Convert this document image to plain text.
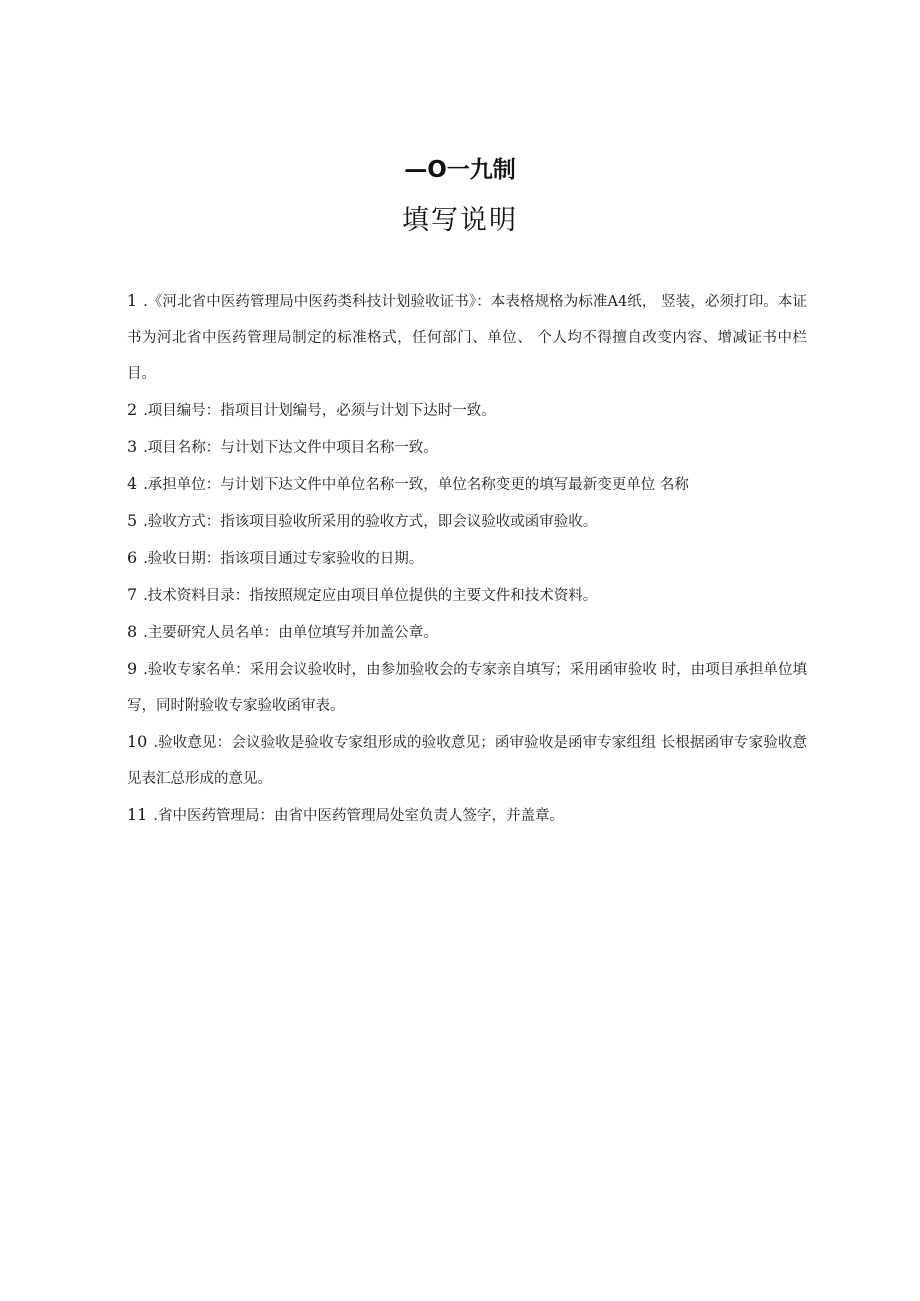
—O一九制
填写说明
1 .《河北省中医药管理局中医药类科技计划验收证书》：本表格规格为标准A4纸， 竖装，必须打印。本证书为河北省中医药管理局制定的标准格式，任何部门、单位、 个人均不得擅自改变内容、增减证书中栏目。
2 .项目编号：指项目计划编号，必须与计划下达时一致。
3 .项目名称：与计划下达文件中项目名称一致。
4 .承担单位：与计划下达文件中单位名称一致，单位名称变更的填写最新变更单位 名称
5 .验收方式：指该项目验收所采用的验收方式，即会议验收或函审验收。
6 .验收日期：指该项目通过专家验收的日期。
7 .技术资料目录：指按照规定应由项目单位提供的主要文件和技术资料。
8 .主要研究人员名单：由单位填写并加盖公章。
9 .验收专家名单：采用会议验收时，由参加验收会的专家亲自填写；采用函审验收 时，由项目承担单位填写，同时附验收专家验收函审表。
10 .验收意见：会议验收是验收专家组形成的验收意见；函审验收是函审专家组组 长根据函审专家验收意见表汇总形成的意见。
11 .省中医药管理局：由省中医药管理局处室负责人签字，并盖章。
